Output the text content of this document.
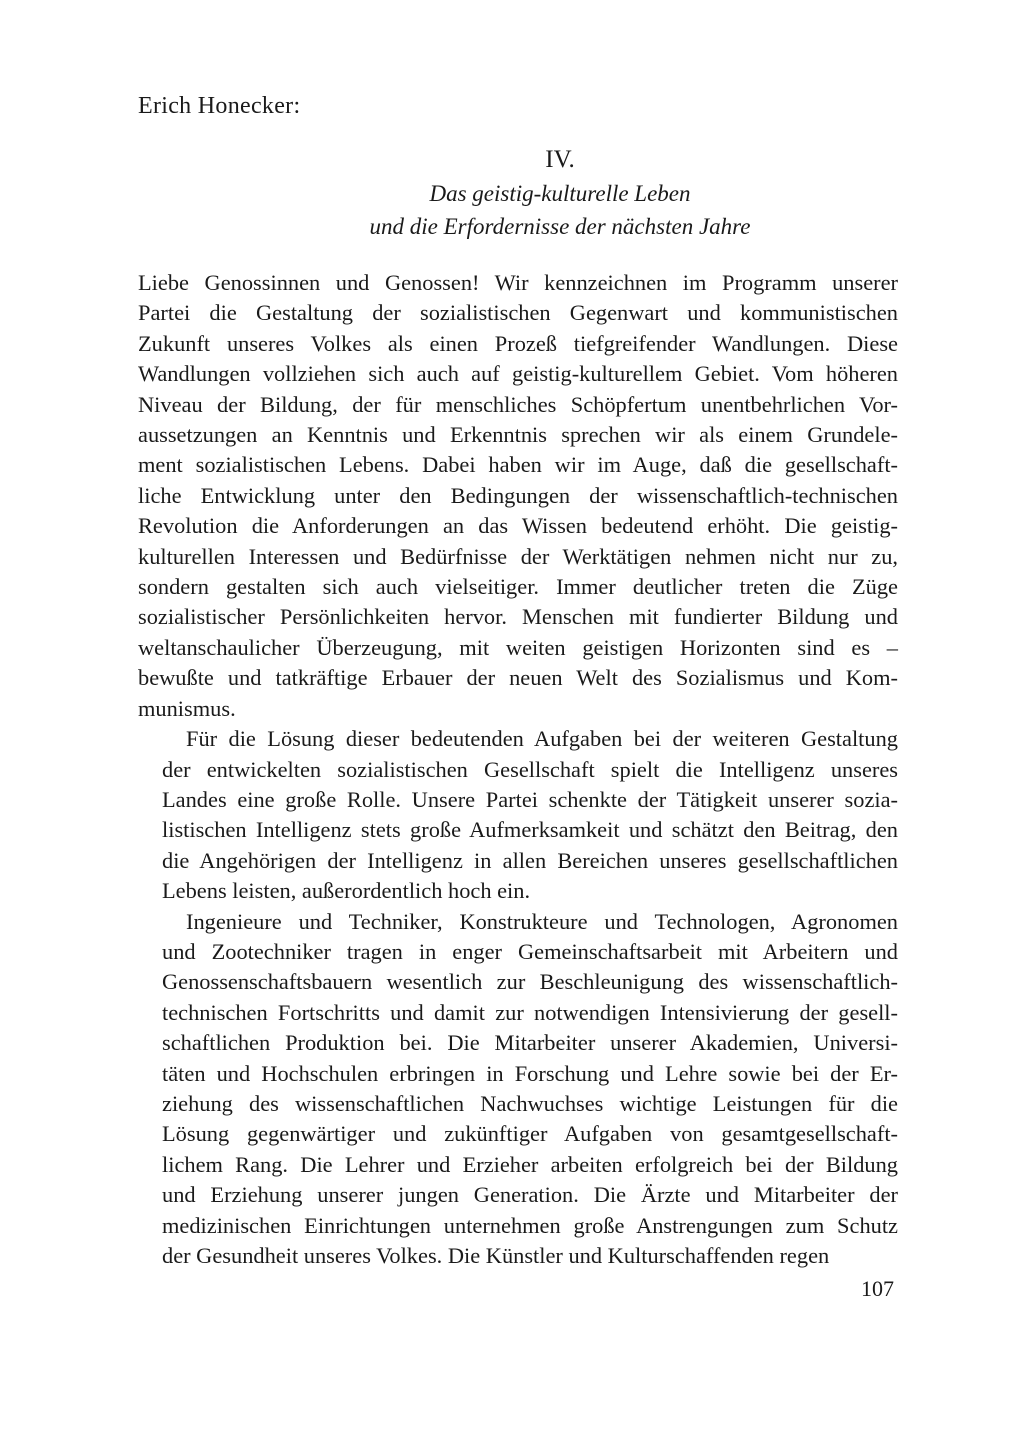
Erich Honecker:
IV.
Das geistig-kulturelle Leben
und die Erfordernisse der nächsten Jahre

Liebe Genossinnen und Genossen! Wir kennzeichnen im Programm unserer
Partei die Gestaltung der sozialistischen Gegenwart und kommunistischen
Zukunft unseres Volkes als einen Prozeß tiefgreifender Wandlungen. Diese
Wandlungen vollziehen sich auch auf geistig-kulturellem Gebiet. Vom höheren
Niveau der Bildung, der für menschliches Schöpfertum unentbehrlichen Vor-
aussetzungen an Kenntnis und Erkenntnis sprechen wir als einem Grundele-
ment sozialistischen Lebens. Dabei haben wir im Auge, daß die gesellschaft-
liche Entwicklung unter den Bedingungen der wissenschaftlich-technischen
Revolution die Anforderungen an das Wissen bedeutend erhöht. Die geistig-
kulturellen Interessen und Bedürfnisse der Werktätigen nehmen nicht nur zu,
sondern gestalten sich auch vielseitiger. Immer deutlicher treten die Züge
sozialistischer Persönlichkeiten hervor. Menschen mit fundierter Bildung und
weltanschaulicher Überzeugung, mit weiten geistigen Horizonten sind es –
bewußte und tatkräftige Erbauer der neuen Welt des Sozialismus und Kom-
munismus.

Für die Lösung dieser bedeutenden Aufgaben bei der weiteren Gestaltung
der entwickelten sozialistischen Gesellschaft spielt die Intelligenz unseres
Landes eine große Rolle. Unsere Partei schenkte der Tätigkeit unserer sozia-
listischen Intelligenz stets große Aufmerksamkeit und schätzt den Beitrag, den
die Angehörigen der Intelligenz in allen Bereichen unseres gesellschaftlichen
Lebens leisten, außerordentlich hoch ein.

Ingenieure und Techniker, Konstrukteure und Technologen, Agronomen
und Zootechniker tragen in enger Gemeinschaftsarbeit mit Arbeitern und
Genossenschaftsbauern wesentlich zur Beschleunigung des wissenschaftlich-
technischen Fortschritts und damit zur notwendigen Intensivierung der gesell-
schaftlichen Produktion bei. Die Mitarbeiter unserer Akademien, Universi-
täten und Hochschulen erbringen in Forschung und Lehre sowie bei der Er-
ziehung des wissenschaftlichen Nachwuchses wichtige Leistungen für die
Lösung gegenwärtiger und zukünftiger Aufgaben von gesamtgesellschaft-
lichem Rang. Die Lehrer und Erzieher arbeiten erfolgreich bei der Bildung
und Erziehung unserer jungen Generation. Die Ärzte und Mitarbeiter der
medizinischen Einrichtungen unternehmen große Anstrengungen zum Schutz
der Gesundheit unseres Volkes. Die Künstler und Kulturschaffenden regen

107
